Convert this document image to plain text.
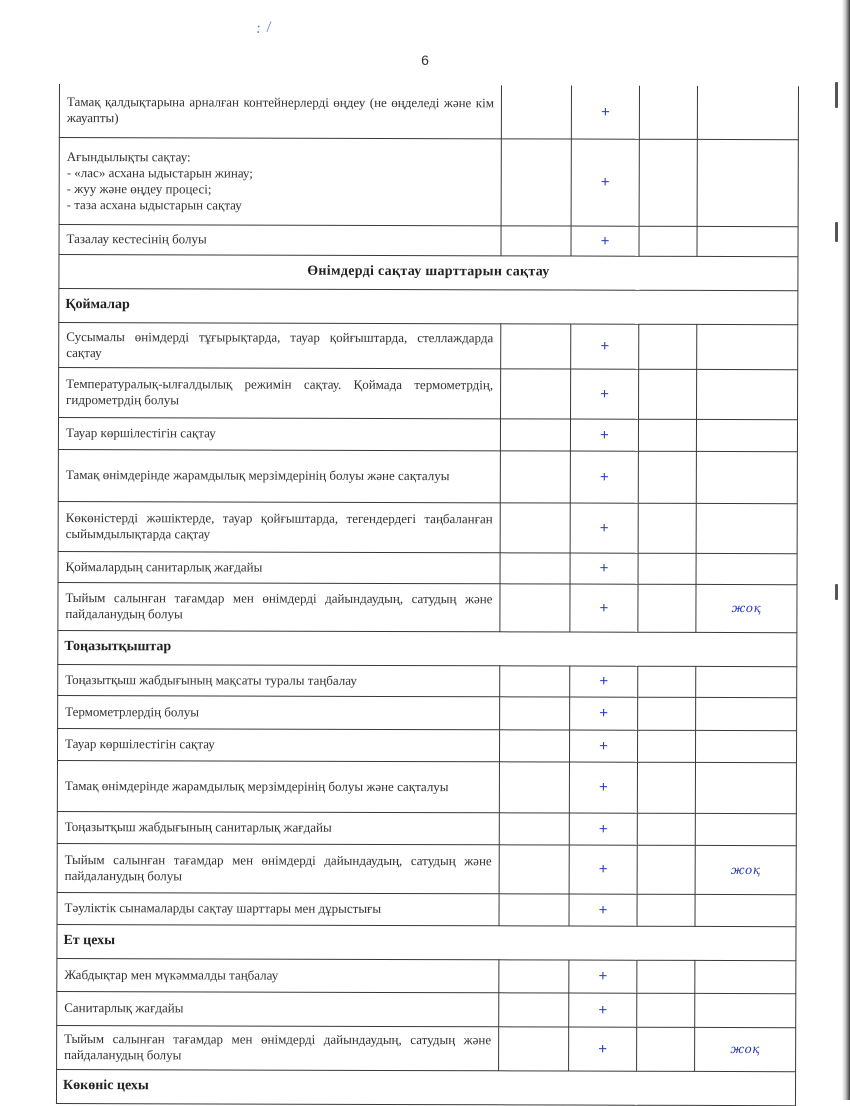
: /
6
Тамақ қалдықтарына арналған контейнерлерді өңдеу (не өңделеді және кім жауапты)		+		

Ағындылықты сақтау:
- «лас» асхана ыдыстарын жинау;
- жуу және өңдеу процесі;
- таза асхана ыдыстарын сақтау		+		

Тазалау кестесінің болуы		+		
Өнімдерді сақтау шарттарын сақтау				
Қоймалар				

Сусымалы өнімдерді тұғырықтарда, тауар қойғыштарда, стеллаждарда сақтау		+		

Температуралық-ылғалдылық режимін сақтау. Қоймада термометрдің, гидрометрдің болуы		+		

Тауар көршілестігін сақтау		+		

Тамақ өнімдерінде жарамдылық мерзімдерінің болуы және сақталуы		+		

Көкөністерді жәшіктерде, тауар қойғыштарда, тегендердегі таңбаланған сыйымдылықтарда сақтау		+		

Қоймалардың санитарлық жағдайы		+		

Тыйым салынған тағамдар мен өнімдерді дайындаудың, сатудың және пайдаланудың болуы		+		жоқ
Тоңазытқыштар				

Тоңазытқыш жабдығының мақсаты туралы таңбалау		+		

Термометрлердің болуы		+		

Тауар көршілестігін сақтау		+		

Тамақ өнімдерінде жарамдылық мерзімдерінің болуы және сақталуы		+		

Тоңазытқыш жабдығының санитарлық жағдайы		+		

Тыйым салынған тағамдар мен өнімдерді дайындаудың, сатудың және пайдаланудың болуы		+		жоқ

Тәуліктік сынамаларды сақтау шарттары мен дұрыстығы		+		
Ет цехы				

Жабдықтар мен мүкәммалды таңбалау		+		

Санитарлық жағдайы		+		

Тыйым салынған тағамдар мен өнімдерді дайындаудың, сатудың және пайдаланудың болуы		+		жоқ
Көкөніс цехы				
